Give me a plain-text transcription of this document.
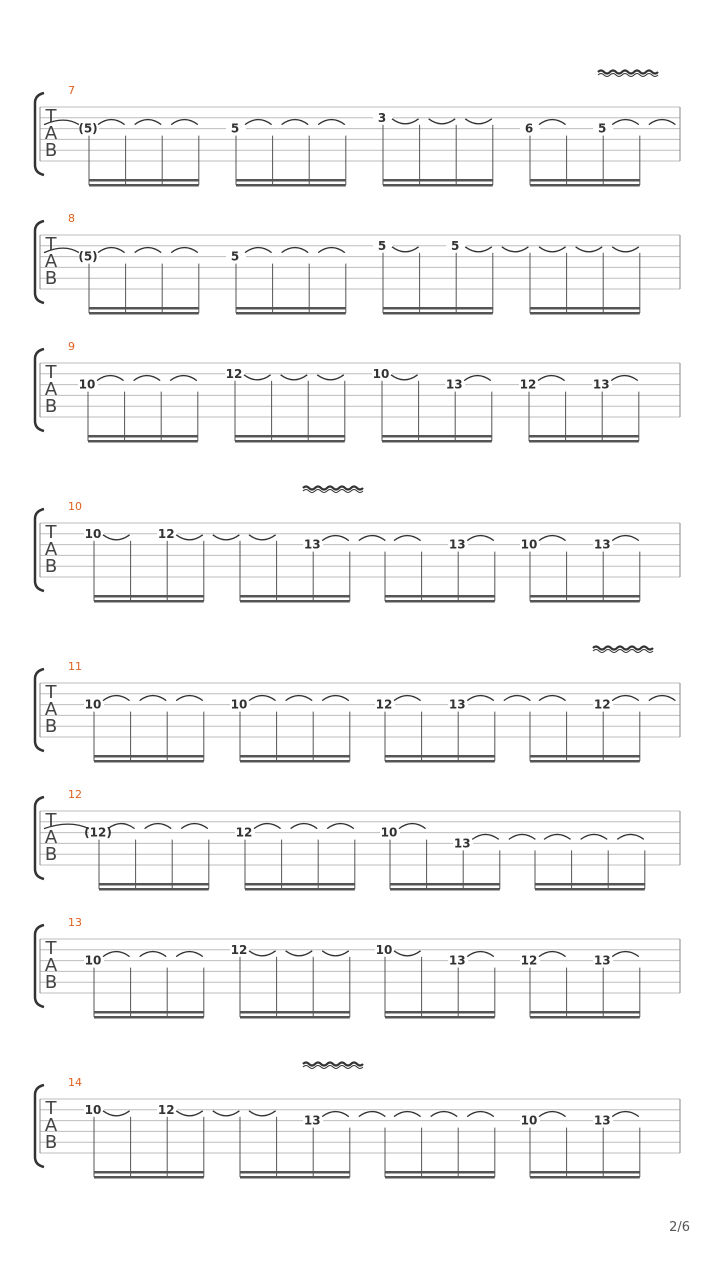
7
T
A
B
(5)	5
3
6	5
8
T
A
B
(5)	5
5	5
9
T
A
B
10
12	10
13	12	13
10
T
A
B
10	12
13	13	10	13
11
T
A
B
10	10	12	13	12
12
T
A
B
(12)	12	10
13
13
T
A
B
10
12	10
13	12	13
14
T
A
B
10	12
13	10	13
2/6
